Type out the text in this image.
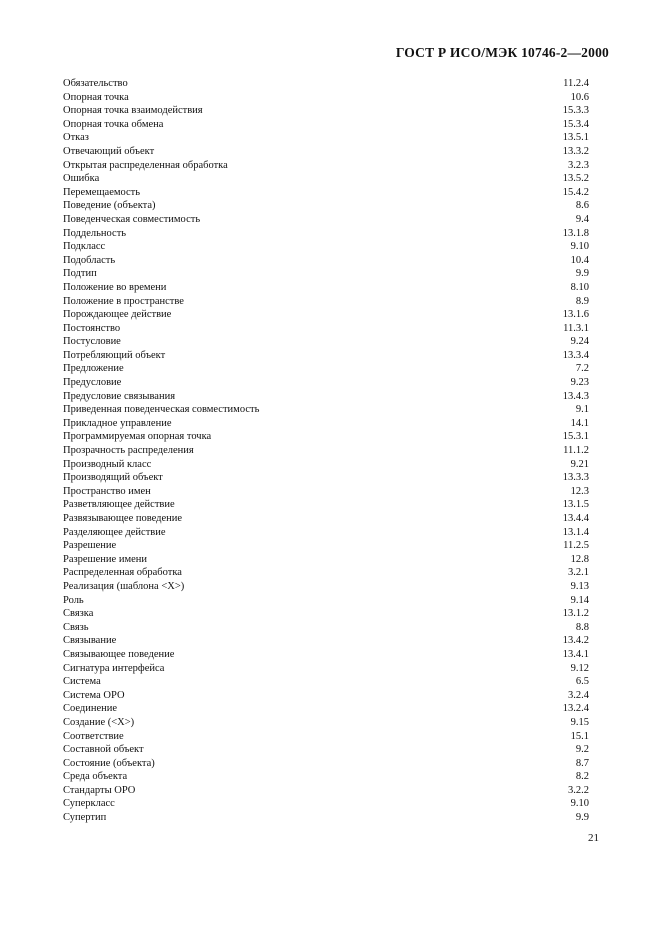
ГОСТ Р ИСО/МЭК 10746-2—2000
Обязательство	11.2.4
Опорная точка	10.6
Опорная точка взаимодействия	15.3.3
Опорная точка обмена	15.3.4
Отказ	13.5.1
Отвечающий объект	13.3.2
Открытая распределенная обработка	3.2.3
Ошибка	13.5.2
Перемещаемость	15.4.2
Поведение (объекта)	8.6
Поведенческая совместимость	9.4
Поддельность	13.1.8
Подкласс	9.10
Подобласть	10.4
Подтип	9.9
Положение во времени	8.10
Положение в пространстве	8.9
Порождающее действие	13.1.6
Постоянство	11.3.1
Постусловие	9.24
Потребляющий объект	13.3.4
Предложение	7.2
Предусловие	9.23
Предусловие связывания	13.4.3
Приведенная поведенческая совместимость	9.1
Прикладное управление	14.1
Программируемая опорная точка	15.3.1
Прозрачность распределения	11.1.2
Производный класс	9.21
Производящий объект	13.3.3
Пространство имен	12.3
Разветвляющее действие	13.1.5
Развязывающее поведение	13.4.4
Разделяющее действие	13.1.4
Разрешение	11.2.5
Разрешение имени	12.8
Распределенная обработка	3.2.1
Реализация (шаблона <X>)	9.13
Роль	9.14
Связка	13.1.2
Связь	8.8
Связывание	13.4.2
Связывающее поведение	13.4.1
Сигнатура интерфейса	9.12
Система	6.5
Система ОРО	3.2.4
Соединение	13.2.4
Создание (<X>)	9.15
Соответствие	15.1
Составной объект	9.2
Состояние (объекта)	8.7
Среда объекта	8.2
Стандарты ОРО	3.2.2
Суперкласс	9.10
Супертип	9.9
21
